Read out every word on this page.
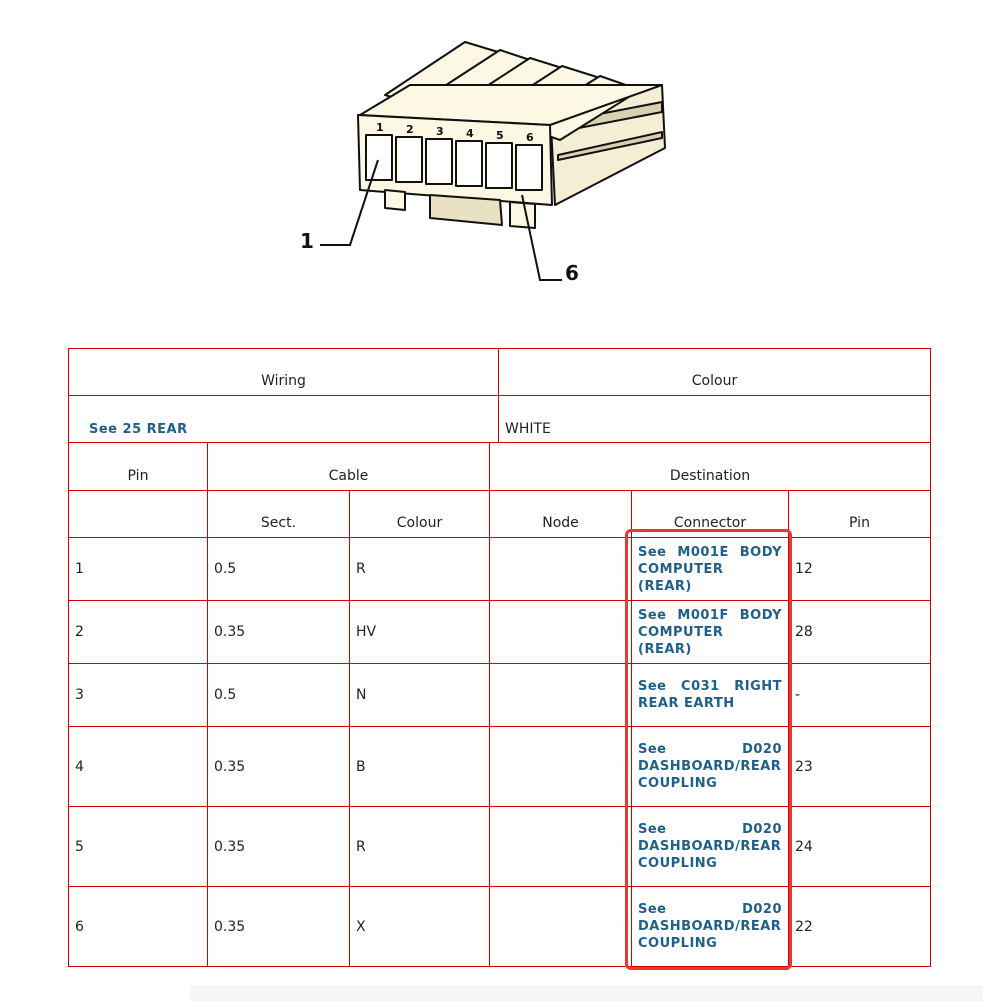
1 2 3 4 5 6
1
6
Wiring	Colour
See 25 REAR	WHITE
Pin	Cable		Destination		
	Sect.	Colour	Node	Connector	Pin
1	0.5	R		See M001E BODY COMPUTER (REAR)	12
2	0.35	HV		See M001F BODY COMPUTER (REAR)	28
3	0.5	N		See C031 RIGHT REAR EARTH	-
4	0.35	B		See D020 DASHBOARD/REAR COUPLING	23
5	0.35	R		See D020 DASHBOARD/REAR COUPLING	24
6	0.35	X		See D020 DASHBOARD/REAR COUPLING	22
